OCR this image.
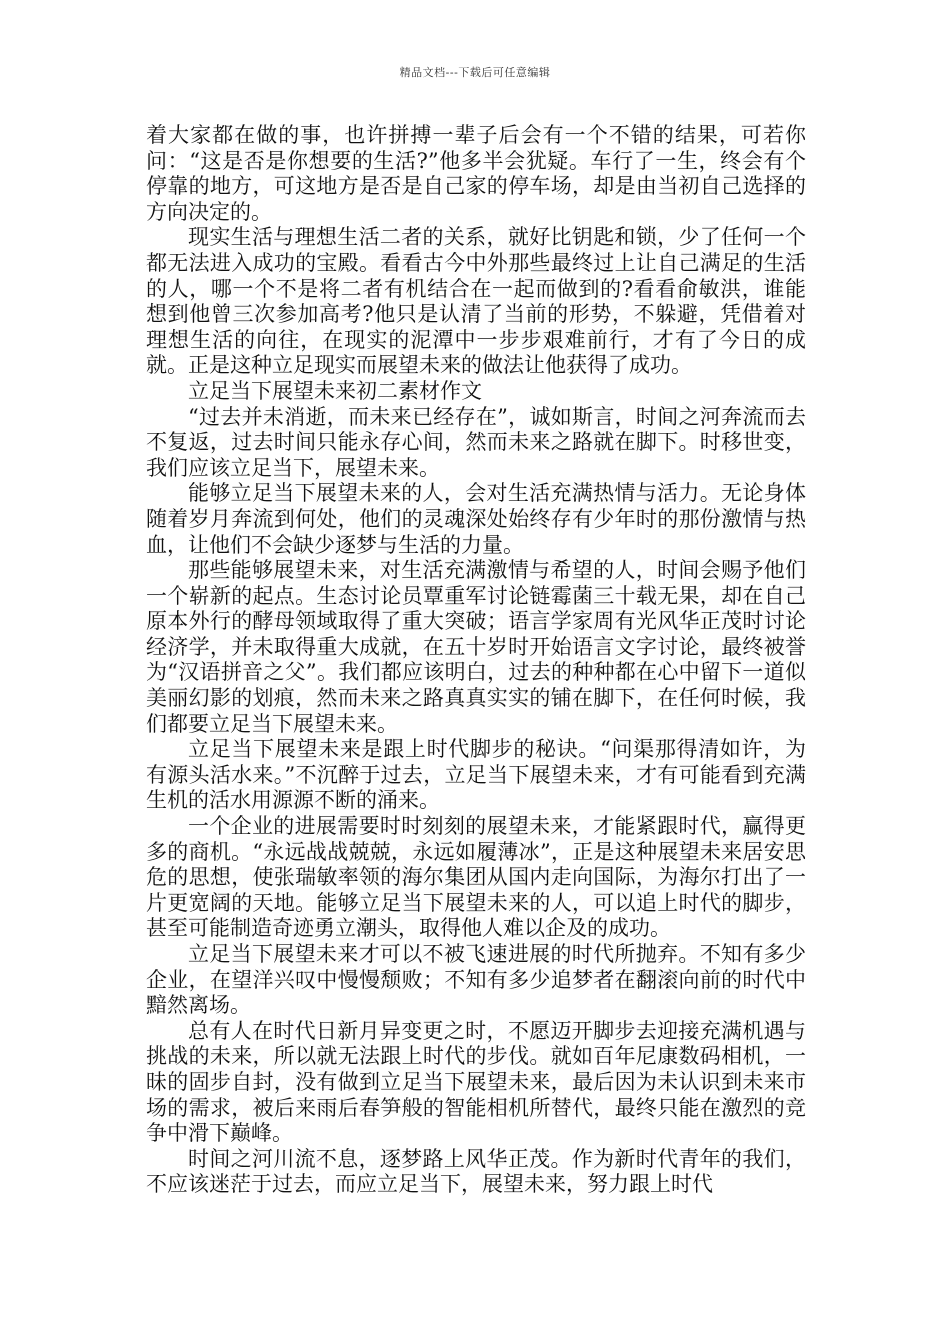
精品文档---下载后可任意编辑

着大家都在做的事，也许拼搏一辈子后会有一个不错的结果，可若你问：“这是否是你想要的生活?”他多半会犹疑。车行了一生，终会有个停靠的地方，可这地方是否是自己家的停车场，却是由当初自己选择的方向决定的。

现实生活与理想生活二者的关系，就好比钥匙和锁，少了任何一个都无法进入成功的宝殿。看看古今中外那些最终过上让自己满足的生活的人，哪一个不是将二者有机结合在一起而做到的?看看俞敏洪，谁能想到他曾三次参加高考?他只是认清了当前的形势，不躲避，凭借着对理想生活的向往，在现实的泥潭中一步步艰难前行，才有了今日的成就。正是这种立足现实而展望未来的做法让他获得了成功。

立足当下展望未来初二素材作文

“过去并未消逝，而未来已经存在”，诚如斯言，时间之河奔流而去不复返，过去时间只能永存心间，然而未来之路就在脚下。时移世变，我们应该立足当下，展望未来。

能够立足当下展望未来的人，会对生活充满热情与活力。无论身体随着岁月奔流到何处，他们的灵魂深处始终存有少年时的那份激情与热血，让他们不会缺少逐梦与生活的力量。

那些能够展望未来，对生活充满激情与希望的人，时间会赐予他们一个崭新的起点。生态讨论员覃重军讨论链霉菌三十载无果，却在自己原本外行的酵母领域取得了重大突破；语言学家周有光风华正茂时讨论经济学，并未取得重大成就，在五十岁时开始语言文字讨论，最终被誉为“汉语拼音之父”。我们都应该明白，过去的种种都在心中留下一道似美丽幻影的划痕，然而未来之路真真实实的铺在脚下，在任何时候，我们都要立足当下展望未来。

立足当下展望未来是跟上时代脚步的秘诀。“问渠那得清如许，为有源头活水来。”不沉醉于过去，立足当下展望未来，才有可能看到充满生机的活水用源源不断的涌来。

一个企业的进展需要时时刻刻的展望未来，才能紧跟时代，赢得更多的商机。“永远战战兢兢，永远如履薄冰”，正是这种展望未来居安思危的思想，使张瑞敏率领的海尔集团从国内走向国际，为海尔打出了一片更宽阔的天地。能够立足当下展望未来的人，可以追上时代的脚步，甚至可能制造奇迹勇立潮头，取得他人难以企及的成功。

立足当下展望未来才可以不被飞速进展的时代所抛弃。不知有多少企业，在望洋兴叹中慢慢颓败；不知有多少追梦者在翻滚向前的时代中黯然离场。

总有人在时代日新月异变更之时，不愿迈开脚步去迎接充满机遇与挑战的未来，所以就无法跟上时代的步伐。就如百年尼康数码相机，一昧的固步自封，没有做到立足当下展望未来，最后因为未认识到未来市场的需求，被后来雨后春笋般的智能相机所替代，最终只能在激烈的竞争中滑下巅峰。

时间之河川流不息，逐梦路上风华正茂。作为新时代青年的我们，不应该迷茫于过去，而应立足当下，展望未来，努力跟上时代
